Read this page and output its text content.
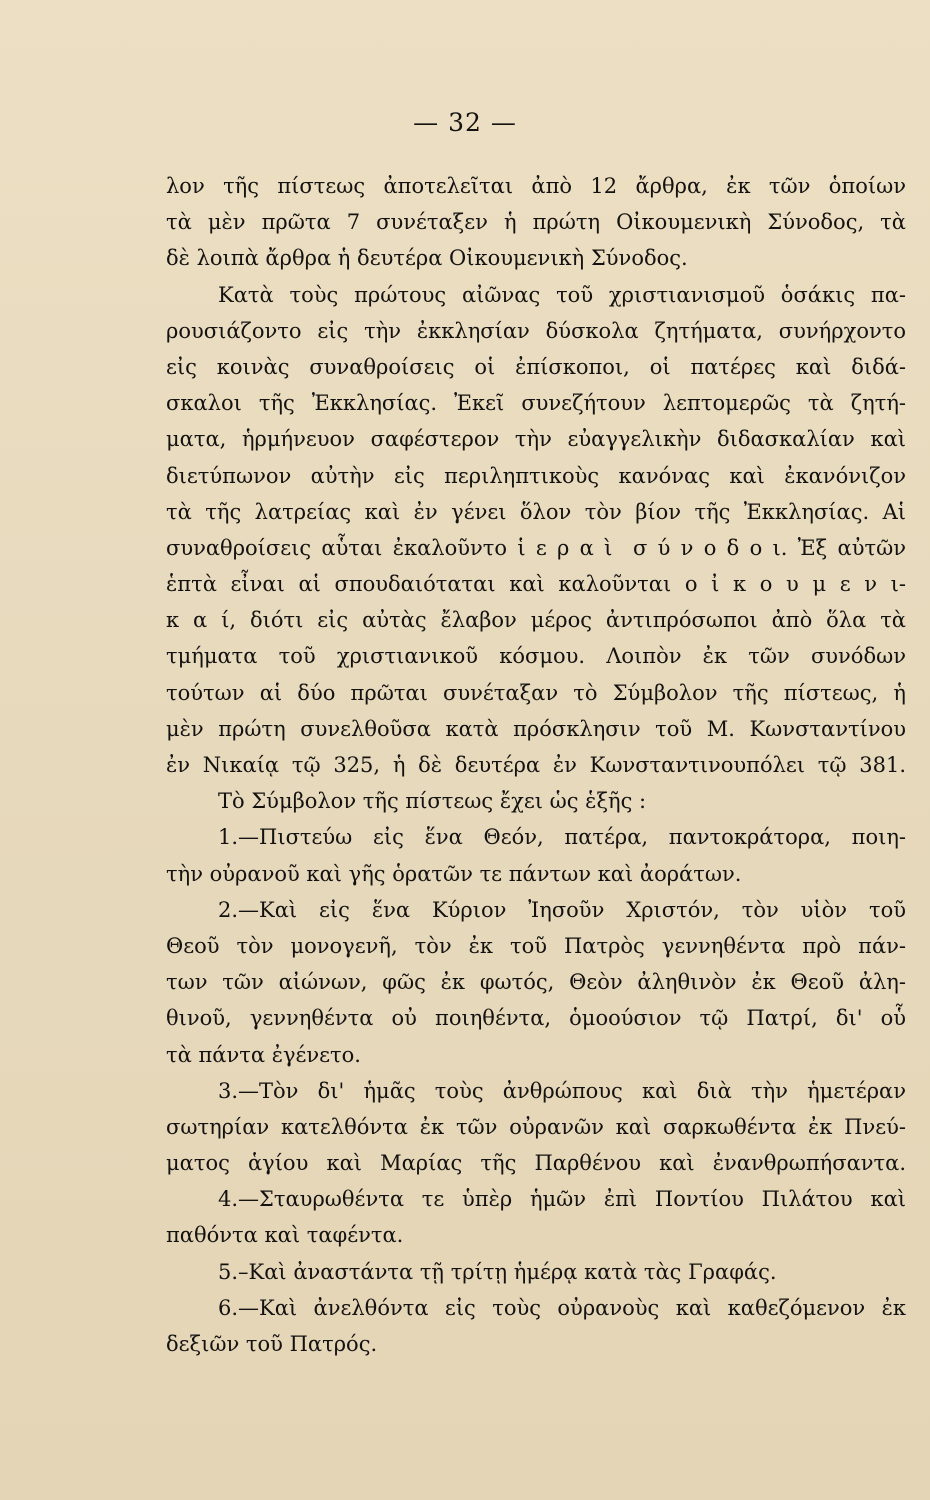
— 32 —
λον τῆς πίστεως ἀποτελεῖται ἀπὸ 12 ἄρθρα, ἐκ τῶν ὁποίων
τὰ μὲν πρῶτα 7 συνέταξεν ἡ πρώτη Οἰκουμενικὴ Σύνοδος, τὰ
δὲ λοιπὰ ἄρθρα ἡ δευτέρα Οἰκουμενικὴ Σύνοδος.
Κατὰ τοὺς πρώτους αἰῶνας τοῦ χριστιανισμοῦ ὁσάκις πα-
ρουσιάζοντο εἰς τὴν ἐκκλησίαν δύσκολα ζητήματα, συνήρχοντο
εἰς κοινὰς συναθροίσεις οἱ ἐπίσκοποι, οἱ πατέρες καὶ διδά-
σκαλοι τῆς Ἐκκλησίας. Ἐκεῖ συνεζήτουν λεπτομερῶς τὰ ζητή-
ματα, ἡρμήνευον σαφέστερον τὴν εὐαγγελικὴν διδασκαλίαν καὶ
διετύπωνον αὐτὴν εἰς περιληπτικοὺς κανόνας καὶ ἐκανόνιζον
τὰ τῆς λατρείας καὶ ἐν γένει ὅλον τὸν βίον τῆς Ἐκκλησίας. Αἱ
συναθροίσεις αὗται ἐκαλοῦντο ἱ ε ρ α ὶ  σ ύ ν ο δ ο ι. Ἐξ αὐτῶν
ἑπτὰ εἶναι αἱ σπουδαιόταται καὶ καλοῦνται ο ἰ κ ο υ μ ε ν ι-
κ α ί, διότι εἰς αὐτὰς ἔλαβον μέρος ἀντιπρόσωποι ἀπὸ ὅλα τὰ
τμήματα τοῦ χριστιανικοῦ κόσμου. Λοιπὸν ἐκ τῶν συνόδων
τούτων αἱ δύο πρῶται συνέταξαν τὸ Σύμβολον τῆς πίστεως, ἡ
μὲν πρώτη συνελθοῦσα κατὰ πρόσκλησιν τοῦ Μ. Κωνσταντίνου
ἐν Νικαίᾳ τῷ 325, ἡ δὲ δευτέρα ἐν Κωνσταντινουπόλει τῷ 381.
Τὸ Σύμβολον τῆς πίστεως ἔχει ὡς ἑξῆς :
1.—Πιστεύω εἰς ἕνα Θεόν, πατέρα, παντοκράτορα, ποιη-
τὴν οὐρανοῦ καὶ γῆς ὁρατῶν τε πάντων καὶ ἀοράτων.
2.—Καὶ εἰς ἕνα Κύριον Ἰησοῦν Χριστόν, τὸν υἱὸν τοῦ
Θεοῦ τὸν μονογενῆ, τὸν ἐκ τοῦ Πατρὸς γεννηθέντα πρὸ πάν-
των τῶν αἰώνων, φῶς ἐκ φωτός, Θεὸν ἀληθινὸν ἐκ Θεοῦ ἀλη-
θινοῦ, γεννηθέντα οὐ ποιηθέντα, ὁμοούσιον τῷ Πατρί, δι' οὗ
τὰ πάντα ἐγένετο.
3.—Τὸν δι' ἡμᾶς τοὺς ἀνθρώπους καὶ διὰ τὴν ἡμετέραν
σωτηρίαν κατελθόντα ἐκ τῶν οὐρανῶν καὶ σαρκωθέντα ἐκ Πνεύ-
ματος ἁγίου καὶ Μαρίας τῆς Παρθένου καὶ ἐνανθρωπήσαντα.
4.—Σταυρωθέντα τε ὑπὲρ ἡμῶν ἐπὶ Ποντίου Πιλάτου καὶ
παθόντα καὶ ταφέντα.
5.–Καὶ ἀναστάντα τῇ τρίτῃ ἡμέρᾳ κατὰ τὰς Γραφάς.
6.—Καὶ ἀνελθόντα εἰς τοὺς οὐρανοὺς καὶ καθεζόμενον ἐκ
δεξιῶν τοῦ Πατρός.
